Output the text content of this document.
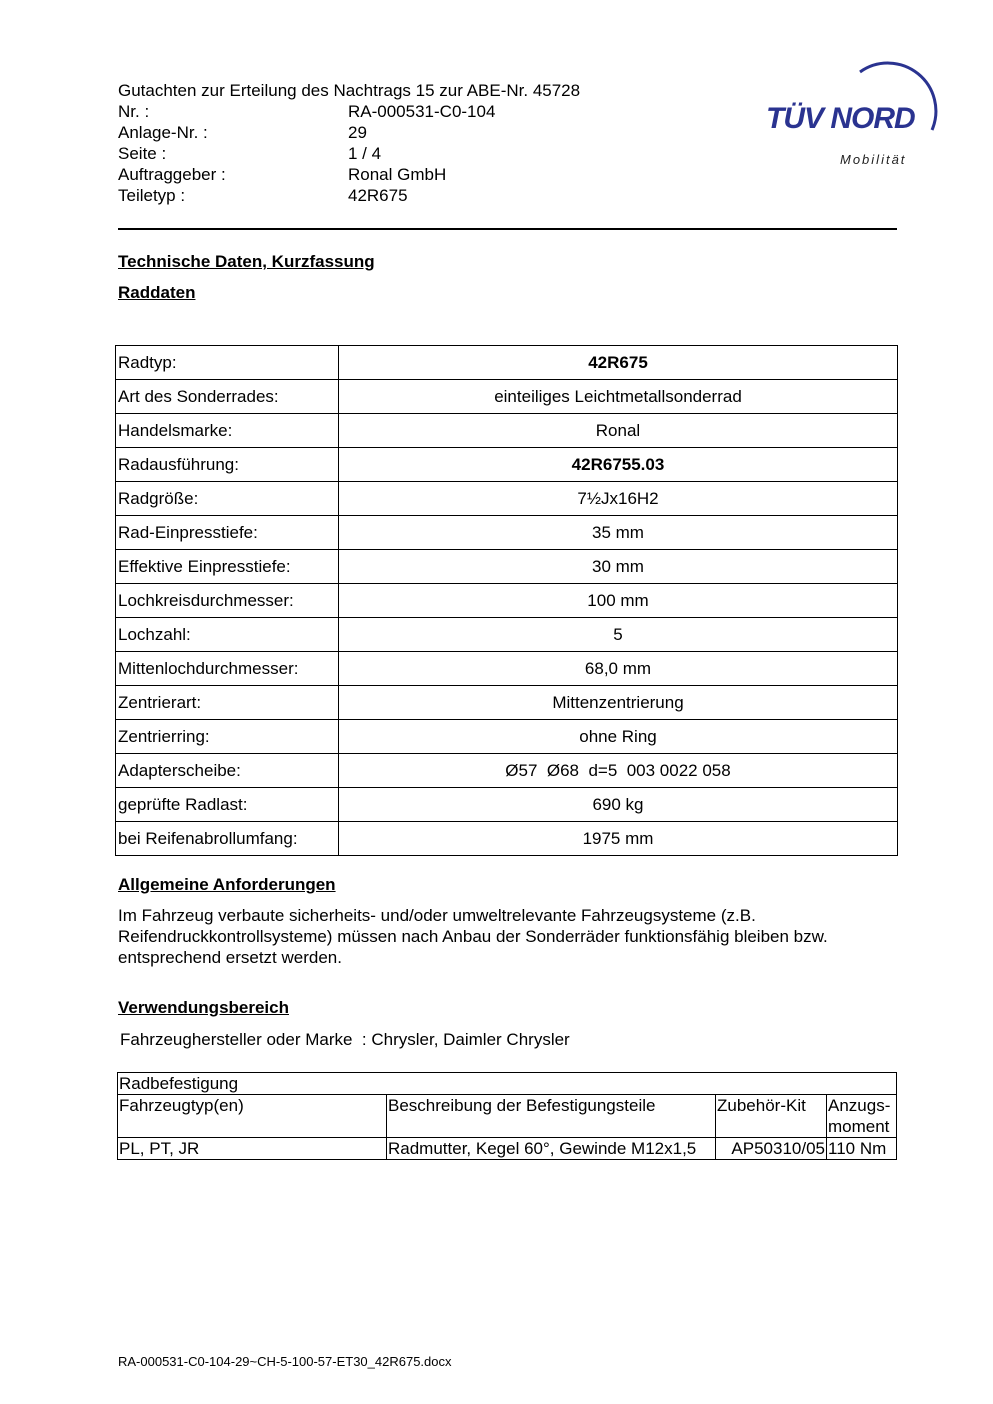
Gutachten zur Erteilung des Nachtrags 15 zur ABE-Nr. 45728
Nr. :	RA-000531-C0-104
Anlage-Nr. :	29
Seite :	1 / 4
Auftraggeber :	Ronal GmbH
Teiletyp :	42R675
TÜV NORD
Mobilität
Technische Daten, Kurzfassung
Raddaten
Radtyp:	42R675
Art des Sonderrades:	einteiliges Leichtmetallsonderrad
Handelsmarke:	Ronal
Radausführung:	42R6755.03
Radgröße:	7½Jx16H2
Rad-Einpresstiefe:	35 mm
Effektive Einpresstiefe:	30 mm
Lochkreisdurchmesser:	100 mm
Lochzahl:	5
Mittenlochdurchmesser:	68,0 mm
Zentrierart:	Mittenzentrierung
Zentrierring:	ohne Ring
Adapterscheibe:	Ø57  Ø68  d=5  003 0022 058
geprüfte Radlast:	690 kg
bei Reifenabrollumfang:	1975 mm
Allgemeine Anforderungen
Im Fahrzeug verbaute sicherheits- und/oder umweltrelevante Fahrzeugsysteme (z.B. Reifendruckkontrollsysteme) müssen nach Anbau der Sonderräder funktionsfähig bleiben bzw. entsprechend ersetzt werden.
Verwendungsbereich
Fahrzeughersteller oder Marke  : Chrysler, Daimler Chrysler
Radbefestigung			
Fahrzeugtyp(en)	Beschreibung der Befestigungsteile	Zubehör-Kit	Anzugs-moment
PL, PT, JR	Radmutter, Kegel 60°, Gewinde M12x1,5	AP50310/05	110 Nm
RA-000531-C0-104-29~CH-5-100-57-ET30_42R675.docx
